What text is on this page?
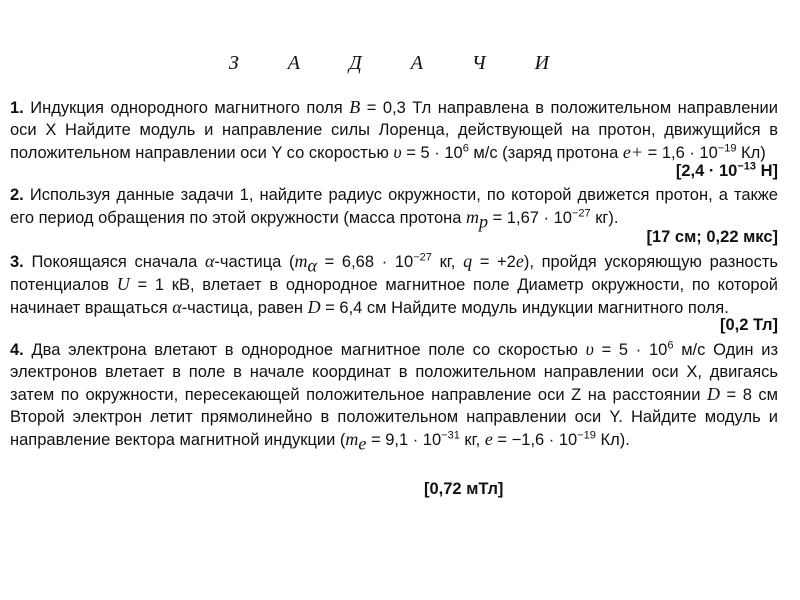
З А Д А Ч И
1. Индукция однородного магнитного поля B = 0,3 Тл направлена в положительном направлении оси X Найдите модуль и направление силы Лоренца, действующей на протон, движущийся в положительном направлении оси Y со скоростью $\upsilon = 5 \cdot 10^6$ м/с (заряд протона $e+ = 1,6 \cdot 10^{-19}$ Кл)
[$2,4 \cdot 10^{-13}$ Н]
2. Используя данные задачи 1, найдите радиус окружности, по которой движется протон, а также его период обращения по этой окружности (масса протона $m_p = 1,67 \cdot 10^{-27}$ кг).
[17 см; 0,22 мкс]
3. Покоящаяся сначала α-частица ($m_\alpha = 6,68 \cdot 10^{-27}$ кг, q = +2e), пройдя ускоряющую разность потенциалов U = 1 кВ, влетает в однородное магнитное поле Диаметр окружности, по которой начинает вращаться α-частица, равен D = 6,4 см Найдите модуль индукции магнитного поля.
[0,2 Тл]
4. Два электрона влетают в однородное магнитное поле со скоростью $\upsilon = 5 \cdot 10^6$ м/с Один из электронов влетает в поле в начале координат в положительном направлении оси X, двигаясь затем по окружности, пересекающей положительное направление оси Z на расстоянии D = 8 см Второй электрон летит прямолинейно в положительном направлении оси Y. Найдите модуль и направление вектора магнитной индукции ($m_e = 9,1 \cdot 10^{-31}$ кг, $e = -1,6 \cdot 10^{-19}$ Кл).
[0,72 мТл]
